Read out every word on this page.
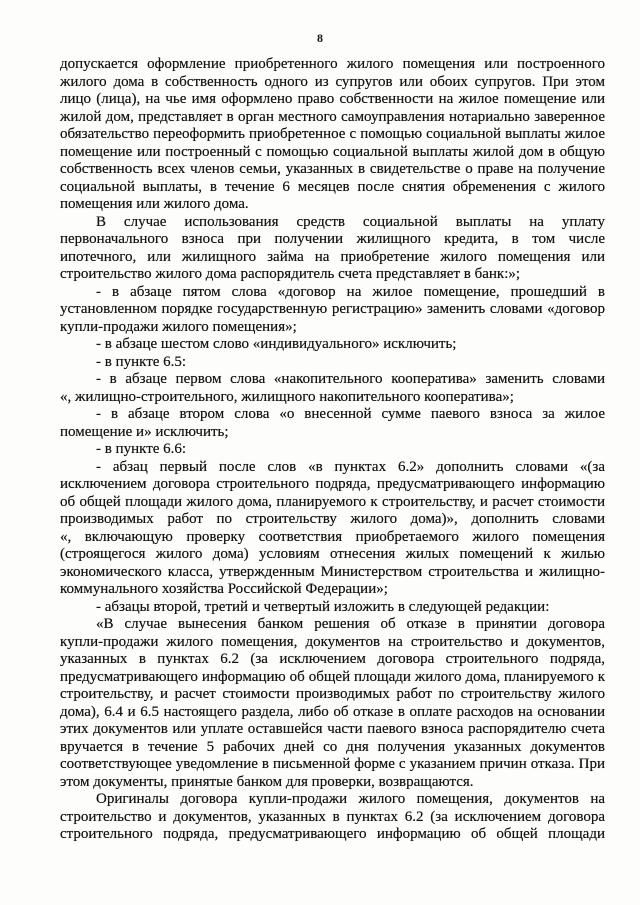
8
допускается оформление приобретенного жилого помещения или построенного
жилого дома в собственность одного из супругов или обоих супругов. При этом
лицо (лица), на чье имя оформлено право собственности на жилое помещение или
жилой дом, представляет в орган местного самоуправления нотариально заверенное
обязательство переоформить приобретенное с помощью социальной выплаты жилое
помещение или построенный с помощью социальной выплаты жилой дом в общую
собственность всех членов семьи, указанных в свидетельстве о праве на получение
социальной выплаты, в течение 6 месяцев после снятия обременения с жилого
помещения или жилого дома.
В случае использования средств социальной выплаты на уплату
первоначального взноса при получении жилищного кредита, в том числе
ипотечного, или жилищного займа на приобретение жилого помещения или
строительство жилого дома распорядитель счета представляет в банк:»;
- в абзаце пятом слова «договор на жилое помещение, прошедший в
установленном порядке государственную регистрацию» заменить словами «договор
купли-продажи жилого помещения»;
- в абзаце шестом слово «индивидуального» исключить;
- в пункте 6.5:
- в абзаце первом слова «накопительного кооператива» заменить словами
«, жилищно-строительного, жилищного накопительного кооператива»;
- в абзаце втором слова «о внесенной сумме паевого взноса за жилое
помещение и» исключить;
- в пункте 6.6:
- абзац первый после слов «в пунктах 6.2» дополнить словами «(за
исключением договора строительного подряда, предусматривающего информацию
об общей площади жилого дома, планируемого к строительству, и расчет стоимости
производимых работ по строительству жилого дома)», дополнить словами
«, включающую проверку соответствия приобретаемого жилого помещения
(строящегося жилого дома) условиям отнесения жилых помещений к жилью
экономического класса, утвержденным Министерством строительства и жилищно-
коммунального хозяйства Российской Федерации»;
- абзацы второй, третий и четвертый изложить в следующей редакции:
«В случае вынесения банком решения об отказе в принятии договора
купли-продажи жилого помещения, документов на строительство и документов,
указанных в пунктах 6.2 (за исключением договора строительного подряда,
предусматривающего информацию об общей площади жилого дома, планируемого к
строительству, и расчет стоимости производимых работ по строительству жилого
дома), 6.4 и 6.5 настоящего раздела, либо об отказе в оплате расходов на основании
этих документов или уплате оставшейся части паевого взноса распорядителю счета
вручается в течение 5 рабочих дней со дня получения указанных документов
соответствующее уведомление в письменной форме с указанием причин отказа. При
этом документы, принятые банком для проверки, возвращаются.
Оригиналы договора купли-продажи жилого помещения, документов на
строительство и документов, указанных в пунктах 6.2 (за исключением договора
строительного подряда, предусматривающего информацию об общей площади
